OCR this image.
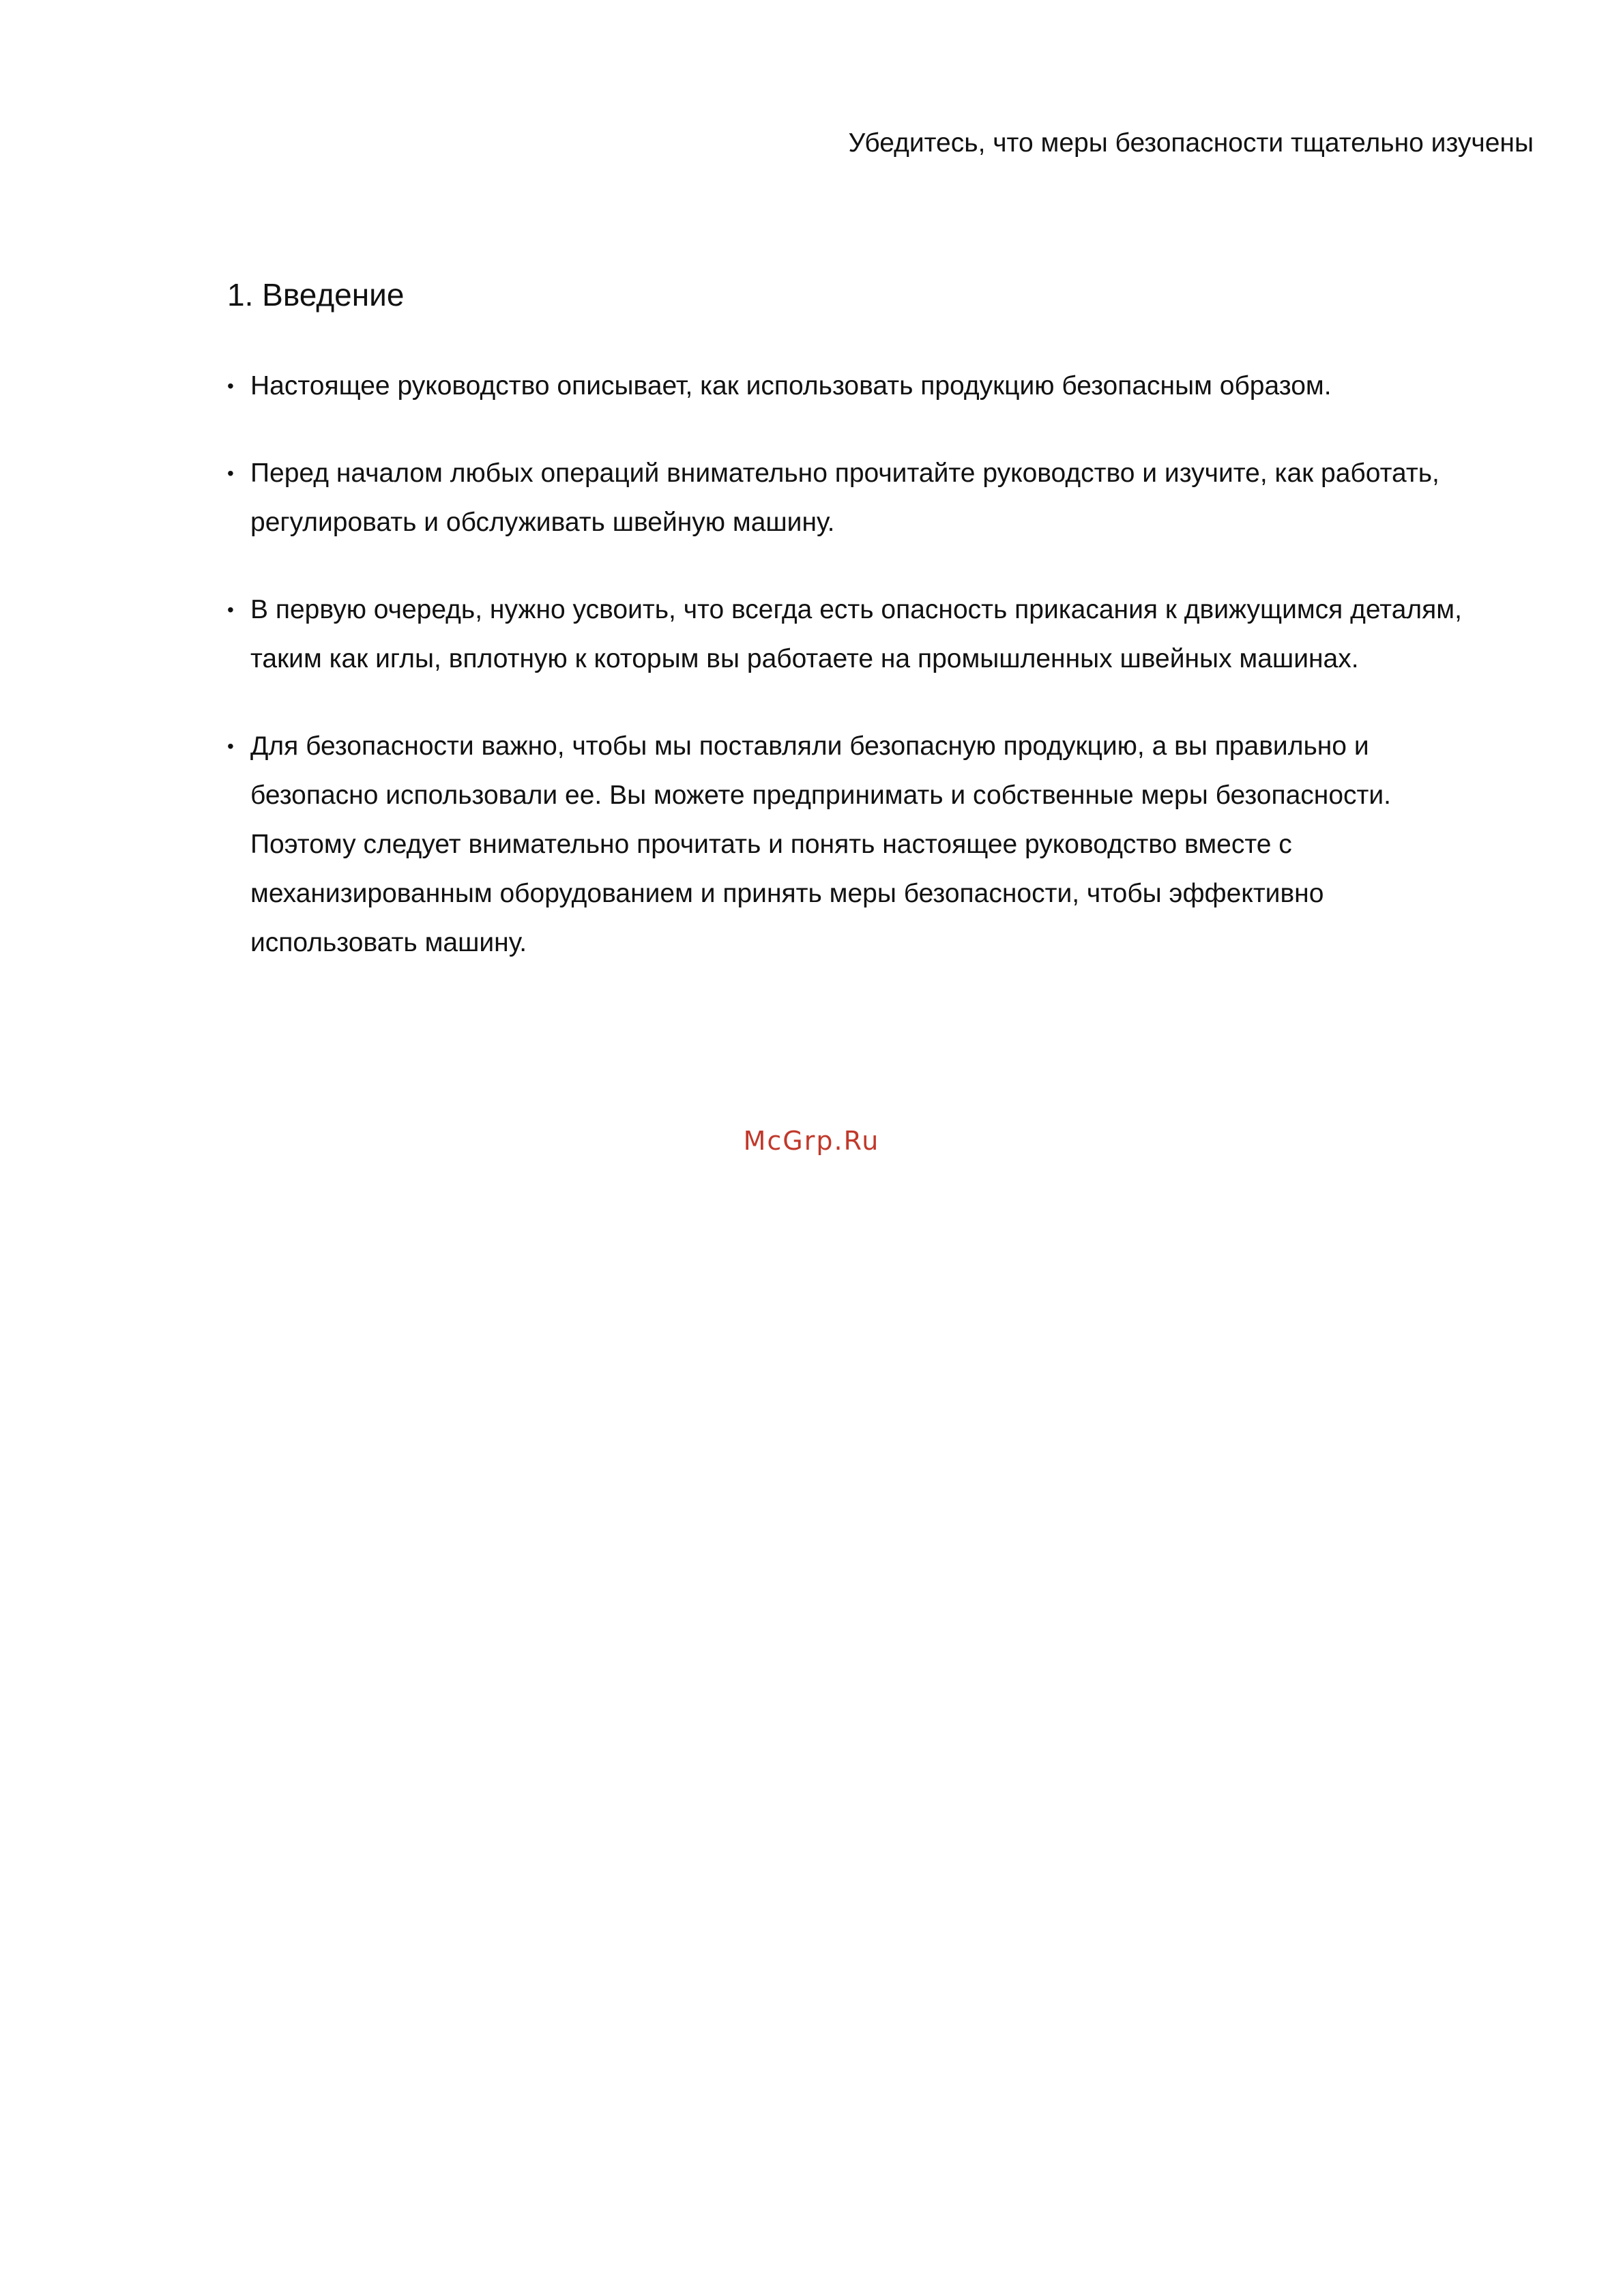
Убедитесь, что меры безопасности тщательно изучены
1. Введение
• Настоящее руководство описывает, как использовать продукцию безопасным образом.
• Перед началом любых операций внимательно прочитайте руководство и изучите, как работать,
регулировать и обслуживать швейную машину.
• В первую очередь, нужно усвоить, что всегда есть опасность прикасания к движущимся деталям,
таким как иглы, вплотную к которым вы работаете на промышленных швейных машинах.
• Для безопасности важно, чтобы мы поставляли безопасную продукцию, а вы правильно и
безопасно использовали ее. Вы можете предпринимать и собственные меры безопасности.
Поэтому следует внимательно прочитать и понять настоящее руководство вместе с
механизированным оборудованием и принять меры безопасности, чтобы эффективно
использовать машину.
McGrp.Ru
